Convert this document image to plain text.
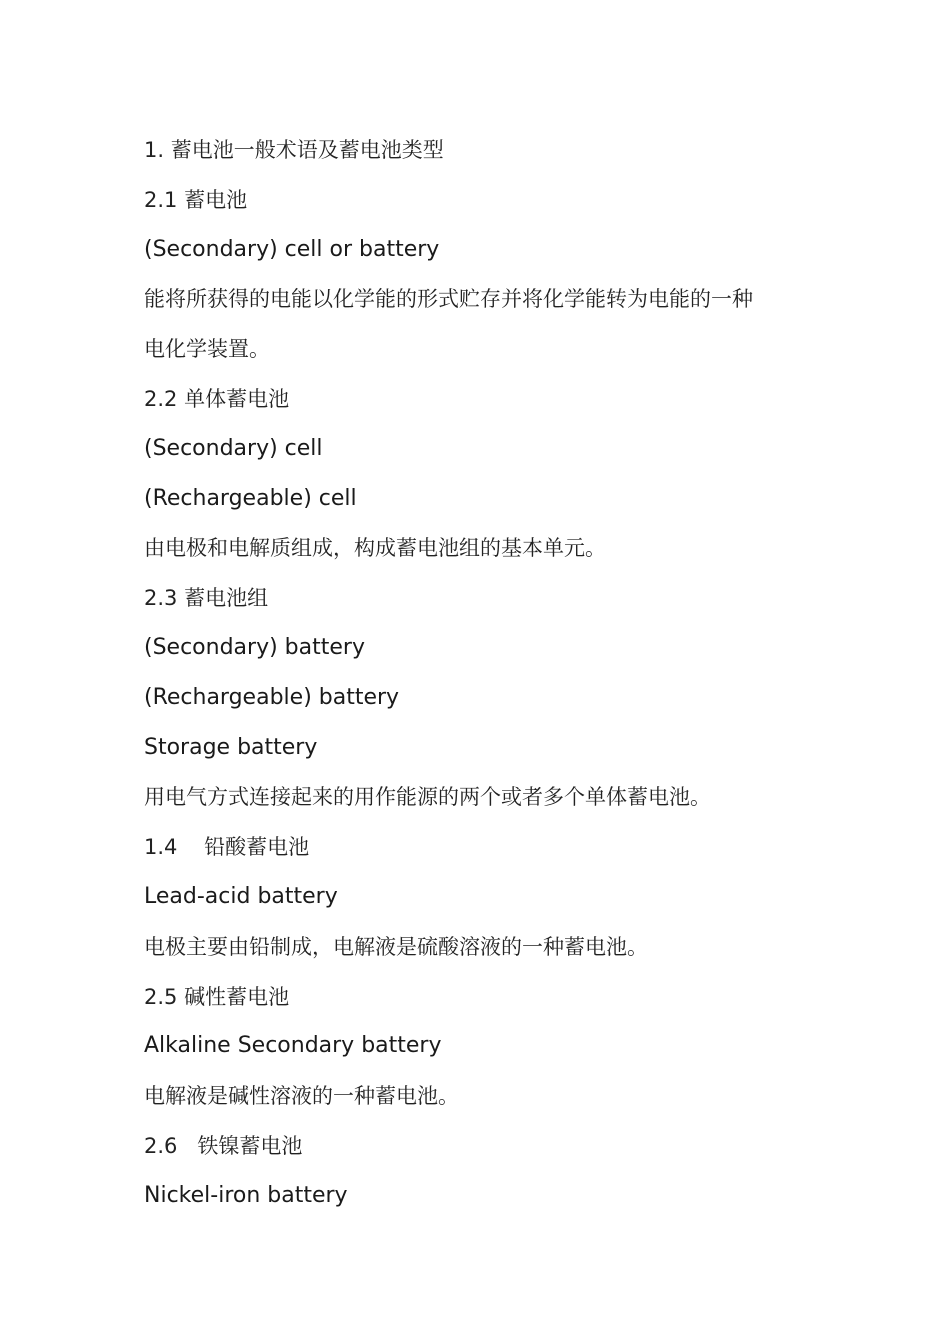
1. 蓄电池一般术语及蓄电池类型
2.1 蓄电池
(Secondary) cell or battery
能将所获得的电能以化学能的形式贮存并将化学能转为电能的一种
电化学装置。
2.2 单体蓄电池
(Secondary) cell
(Rechargeable) cell
由电极和电解质组成，构成蓄电池组的基本单元。
2.3 蓄电池组
(Secondary) battery
(Rechargeable) battery
Storage battery
用电气方式连接起来的用作能源的两个或者多个单体蓄电池。
1.4    铅酸蓄电池
Lead-acid battery
电极主要由铅制成，电解液是硫酸溶液的一种蓄电池。
2.5 碱性蓄电池
Alkaline Secondary battery
电解液是碱性溶液的一种蓄电池。
2.6   铁镍蓄电池
Nickel-iron battery
